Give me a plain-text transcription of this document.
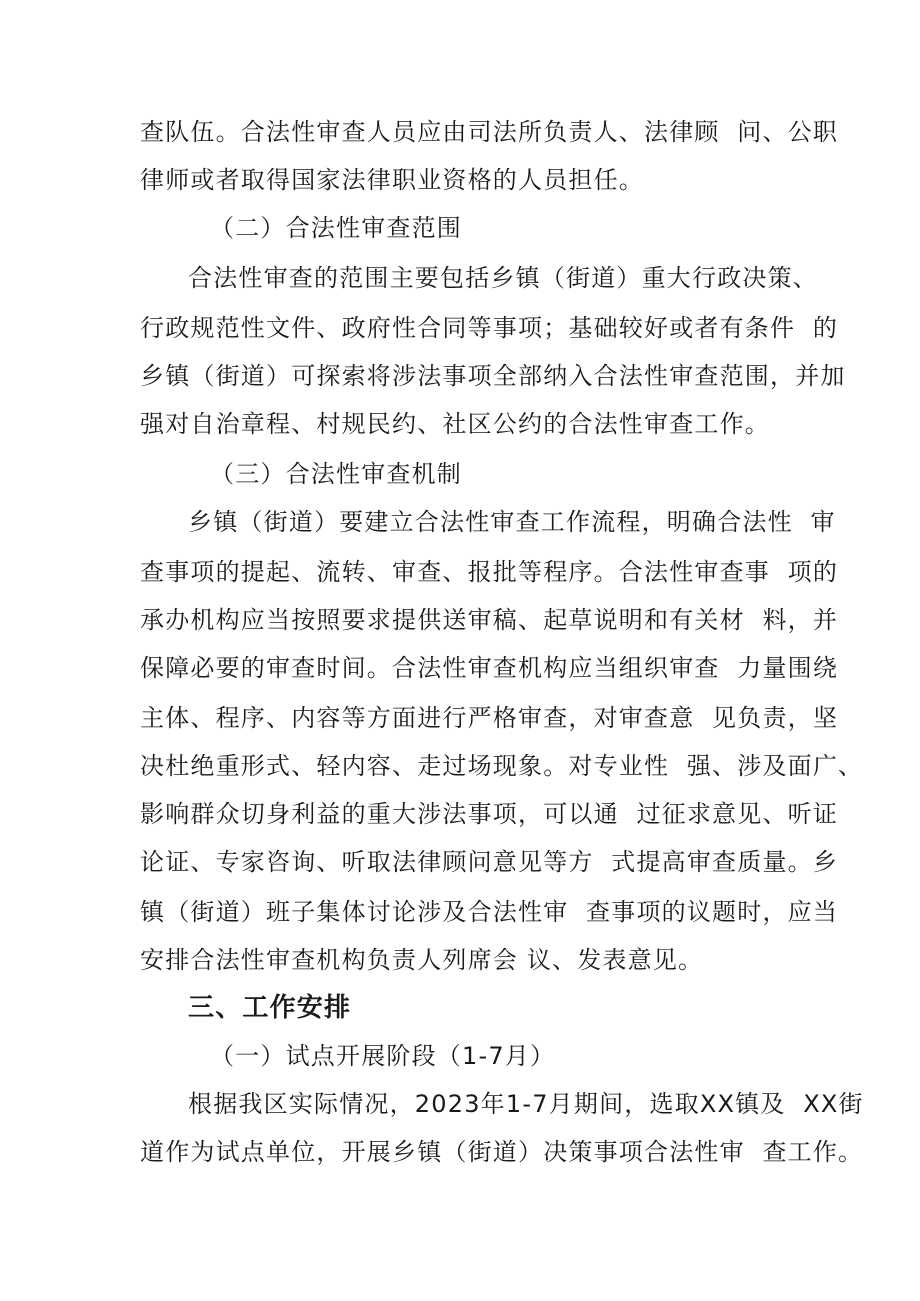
查队伍。合法性审查人员应由司法所负责人、法律顾  问、公职
律师或者取得国家法律职业资格的人员担任。
（二）合法性审查范围
合法性审查的范围主要包括乡镇（街道）重大行政决策、
行政规范性文件、政府性合同等事项；基础较好或者有条件  的
乡镇（街道）可探索将涉法事项全部纳入合法性审查范围，并加
强对自治章程、村规民约、社区公约的合法性审查工作。
（三）合法性审查机制
乡镇（街道）要建立合法性审查工作流程，明确合法性  审
查事项的提起、流转、审查、报批等程序。合法性审查事  项的
承办机构应当按照要求提供送审稿、起草说明和有关材  料，并
保障必要的审查时间。合法性审查机构应当组织审查  力量围绕
主体、程序、内容等方面进行严格审查，对审查意  见负责，坚
决杜绝重形式、轻内容、走过场现象。对专业性  强、涉及面广、
影响群众切身利益的重大涉法事项，可以通  过征求意见、听证
论证、专家咨询、听取法律顾问意见等方  式提高审查质量。乡
镇（街道）班子集体讨论涉及合法性审  查事项的议题时，应当
安排合法性审查机构负责人列席会 议、发表意见。
三、工作安排
（一）试点开展阶段（1-7月）
根据我区实际情况，2023年1-7月期间，选取XX镇及  XX街
道作为试点单位，开展乡镇（街道）决策事项合法性审  查工作。
